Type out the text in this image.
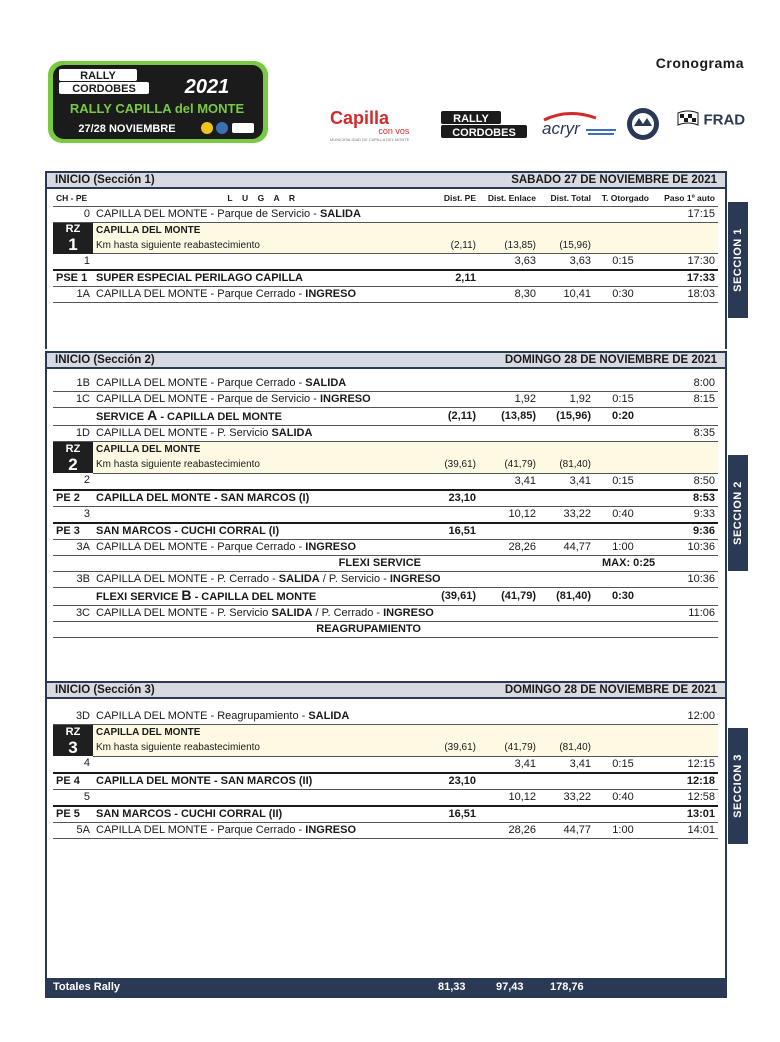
RALLY
CORDOBES 2021
RALLY CAPILLA del MONTE
27/28 NOVIEMBRE
Cronograma
Capilla
con vos
MUNICIPALIDAD DE CAPILLA DEL MONTE
RALLY
CORDOBES acryr	FRAD
INICIO (Sección 1)	SABADO 27 DE NOVIEMBRE DE 2021
CH - PE	L U G A R	Dist. PE	Dist. Enlace	Dist. Total	T. Otorgado	Paso 1º auto
0	CAPILLA DEL MONTE - Parque de Servicio - SALIDA					17:15

RZ
1	CAPILLA DEL MONTE					
	Km hasta siguiente reabastecimiento	(2,11)	(13,85)	(15,96)		
1			3,63	3,63	0:15	17:30
PSE 1	SUPER ESPECIAL PERILAGO CAPILLA	2,11				17:33
1A	CAPILLA DEL MONTE - Parque Cerrado - INGRESO		8,30	10,41	0:30	18:03
SECCION 1
INICIO (Sección 2)	DOMINGO 28 DE NOVIEMBRE DE 2021
1B	CAPILLA DEL MONTE - Parque Cerrado - SALIDA					8:00
1C	CAPILLA DEL MONTE - Parque de Servicio - INGRESO		1,92	1,92	0:15	8:15
	SERVICE A - CAPILLA DEL MONTE	(2,11)	(13,85)	(15,96)	0:20	
1D	CAPILLA DEL MONTE - P. Servicio SALIDA					8:35

RZ
2	CAPILLA DEL MONTE					
	Km hasta siguiente reabastecimiento	(39,61)	(41,79)	(81,40)		
2			3,41	3,41	0:15	8:50
PE 2	CAPILLA DEL MONTE - SAN MARCOS (I)	23,10				8:53
3			10,12	33,22	0:40	9:33
PE 3	SAN MARCOS - CUCHI CORRAL (I)	16,51				9:36
3A	CAPILLA DEL MONTE - Parque Cerrado - INGRESO		28,26	44,77	1:00	10:36
	FLEXI SERVICE				MAX: 0:25	
3B	CAPILLA DEL MONTE - P. Cerrado - SALIDA / P. Servicio - INGRESO					10:36
	FLEXI SERVICE B - CAPILLA DEL MONTE	(39,61)	(41,79)	(81,40)	0:30	
3C	CAPILLA DEL MONTE - P. Servicio SALIDA / P. Cerrado - INGRESO					11:06
	REAGRUPAMIENTO					
SECCION 2
INICIO (Sección 3)	DOMINGO 28 DE NOVIEMBRE DE 2021
3D	CAPILLA DEL MONTE - Reagrupamiento - SALIDA					12:00

RZ
3	CAPILLA DEL MONTE					
	Km hasta siguiente reabastecimiento	(39,61)	(41,79)	(81,40)		
4			3,41	3,41	0:15	12:15
PE 4	CAPILLA DEL MONTE - SAN MARCOS (II)	23,10				12:18
5			10,12	33,22	0:40	12:58
PE 5	SAN MARCOS - CUCHI CORRAL (II)	16,51				13:01
5A	CAPILLA DEL MONTE - Parque Cerrado - INGRESO		28,26	44,77	1:00	14:01
SECCION 3
Totales Rally	81,33	97,43 178,76
